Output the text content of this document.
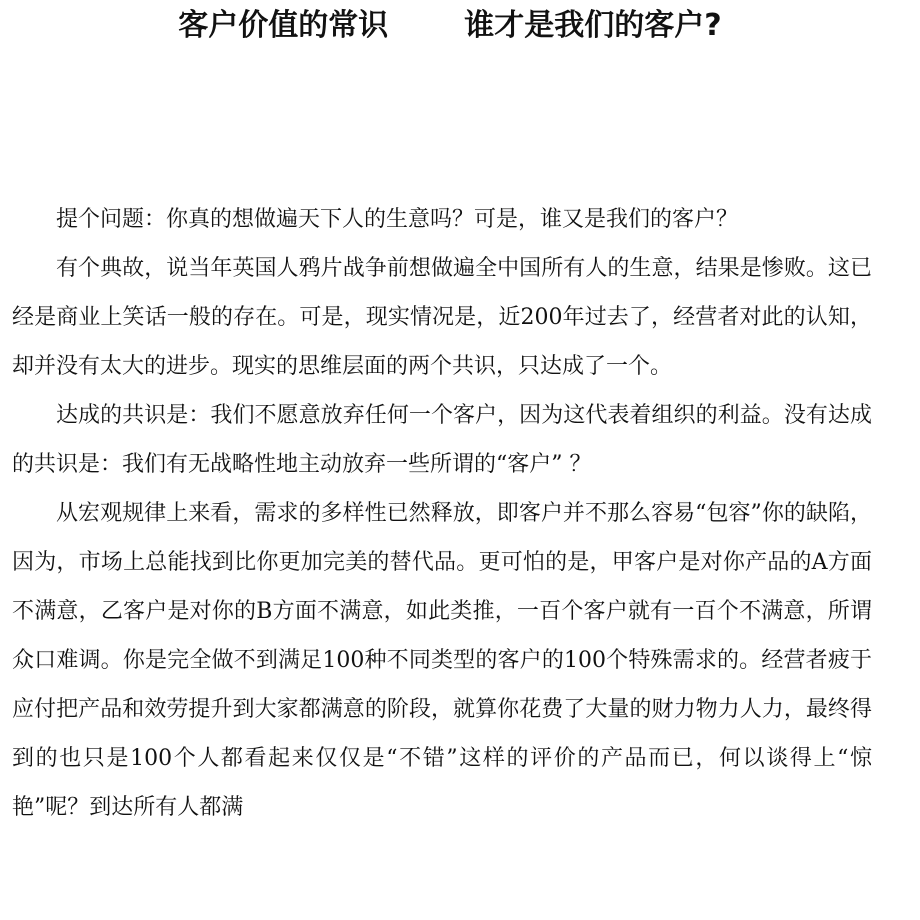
客户价值的常识	谁才是我们的客户?

提个问题：你真的想做遍天下人的生意吗？可是，谁又是我们的客户？

有个典故，说当年英国人鸦片战争前想做遍全中国所有人的生意，结果是惨败。这已经是商业上笑话一般的存在。可是，现实情况是，近200年过去了，经营者对此的认知，却并没有太大的进步。现实的思维层面的两个共识，只达成了一个。

达成的共识是：我们不愿意放弃任何一个客户，因为这代表着组织的利益。没有达成的共识是：我们有无战略性地主动放弃一些所谓的“客户” ？

从宏观规律上来看，需求的多样性已然释放，即客户并不那么容易“包容”你的缺陷，因为，市场上总能找到比你更加完美的替代品。更可怕的是，甲客户是对你产品的A方面不满意，乙客户是对你的B方面不满意，如此类推，一百个客户就有一百个不满意，所谓众口难调。你是完全做不到满足100种不同类型的客户的100个特殊需求的。经营者疲于应付把产品和效劳提升到大家都满意的阶段，就算你花费了大量的财力物力人力，最终得到的也只是100个人都看起来仅仅是“不错”这样的评价的产品而已，何以谈得上“惊艳”呢？到达所有人都满
